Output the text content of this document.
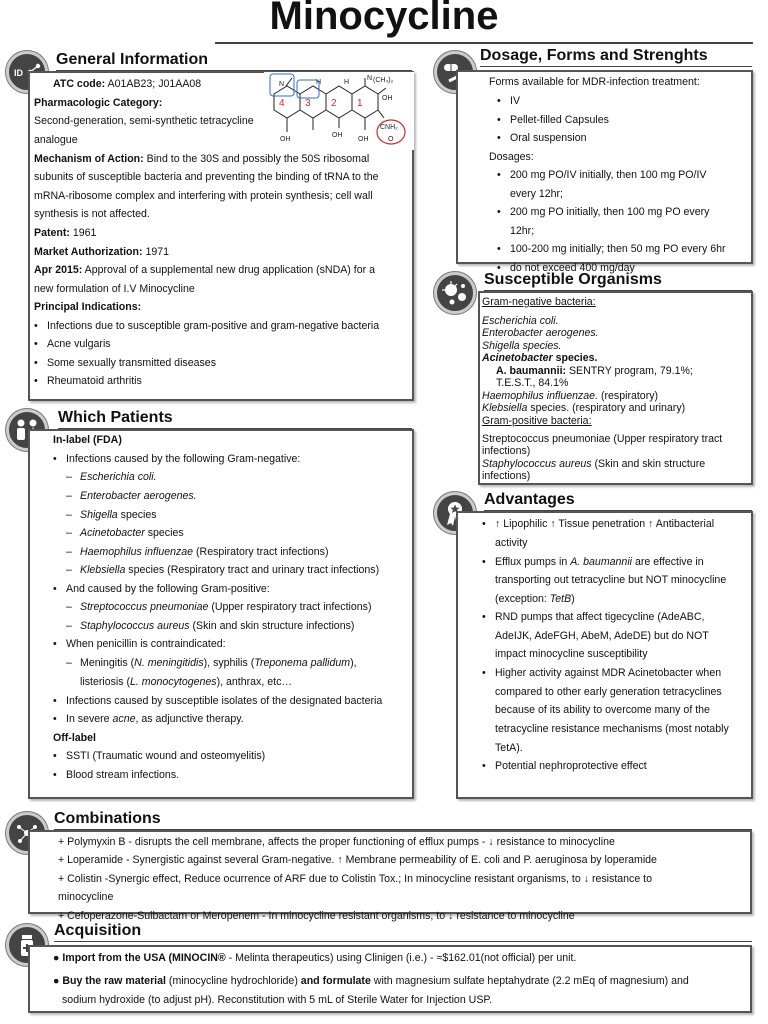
Minocycline
ID
General Information
ATC code: A01AB23; J01AA08
Pharmacologic Category:
Second-generation, semi-synthetic tetracycline
analogue
Mechanism of Action: Bind to the 30S and possibly the 50S ribosomal
subunits of susceptible bacteria and preventing the binding of tRNA to the
mRNA-ribosome complex and interfering with protein synthesis; cell wall
synthesis is not affected.
Patent: 1961
Market Authorization: 1971
Apr 2015: Approval of a supplemental new drug application (sNDA) for a
new formulation of I.V Minocycline
Principal Indications:
• Infections due to susceptible gram-positive and gram-negative bacteria
• Acne vulgaris
• Some sexually transmitted diseases
• Rheumatoid arthritis
4 3 2 1
N	H	H
N (CH₃)₂
OH
OH
OH
OH
CNH₂
O
Dosage, Forms and Strenghts
Forms available for MDR-infection treatment:
• IV
• Pellet-filled Capsules
• Oral suspension
Dosages:
• 200 mg PO/IV initially, then 100 mg PO/IV
every 12hr;
• 200 mg PO initially, then 100 mg PO every
12hr;
• 100-200 mg initially; then 50 mg PO every 6hr
• do not exceed 400 mg/day
Susceptible Organisms
Gram-negative bacteria:
Escherichia coli.
Enterobacter aerogenes.
Shigella species.
Acinetobacter species.
A. baumannii: SENTRY program, 79.1%;
T.E.S.T., 84.1%
Haemophilus influenzae. (respiratory)
Klebsiella species. (respiratory and urinary)
Gram-positive bacteria:
Streptococcus pneumoniae (Upper respiratory tract
infections)
Staphylococcus aureus (Skin and skin structure
infections)
Which Patients
In-label (FDA)
• Infections caused by the following Gram-negative:
– Escherichia coli.
– Enterobacter aerogenes.
– Shigella species
– Acinetobacter species
– Haemophilus influenzae (Respiratory tract infections)
– Klebsiella species (Respiratory tract and urinary tract infections)
• And caused by the following Gram-positive:
– Streptococcus pneumoniae (Upper respiratory tract infections)
– Staphylococcus aureus (Skin and skin structure infections)
• When penicillin is contraindicated:
– Meningitis (N. meningitidis), syphilis (Treponema pallidum),
listeriosis (L. monocytogenes), anthrax, etc…
• Infections caused by susceptible isolates of the designated bacteria
• In severe acne, as adjunctive therapy.
Off-label
• SSTI (Traumatic wound and osteomyelitis)
• Blood stream infections.
Advantages
• ↑ Lipophilic ↑ Tissue penetration ↑ Antibacterial
activity
• Efflux pumps in A. baumannii are effective in
transporting out tetracycline but NOT minocycline
(exception: TetB)
• RND pumps that affect tigecycline (AdeABC,
AdeIJK, AdeFGH, AbeM, AdeDE) but do NOT
impact minocycline susceptibility
• Higher activity against MDR Acinetobacter when
compared to other early generation tetracyclines
because of its ability to overcome many of the
tetracycline resistance mechanisms (most notably
TetA).
• Potential nephroprotective effect
Combinations
+ Polymyxin B - disrupts the cell membrane, affects the proper functioning of efflux pumps - ↓ resistance to minocycline
+ Loperamide - Synergistic against several Gram-negative. ↑ Membrane permeability of E. coli and P. aeruginosa by loperamide
+ Colistin -Synergic effect, Reduce ocurrence of ARF due to Colistin Tox.; In minocycline resistant organisms, to ↓ resistance to
minocycline
+ Cefoperazone-Sulbactam or Meropenem - In minocycline resistant organisms, to ↓ resistance to minocycline
Acquisition
● Import from the USA (MINOCIN® - Melinta therapeutics) using Clinigen (i.e.) - ≈$162.01(not official) per unit.
● Buy the raw material (minocycline hydrochloride) and formulate with magnesium sulfate heptahydrate (2.2 mEq of magnesium) and
sodium hydroxide (to adjust pH). Reconstitution with 5 mL of Sterile Water for Injection USP.
